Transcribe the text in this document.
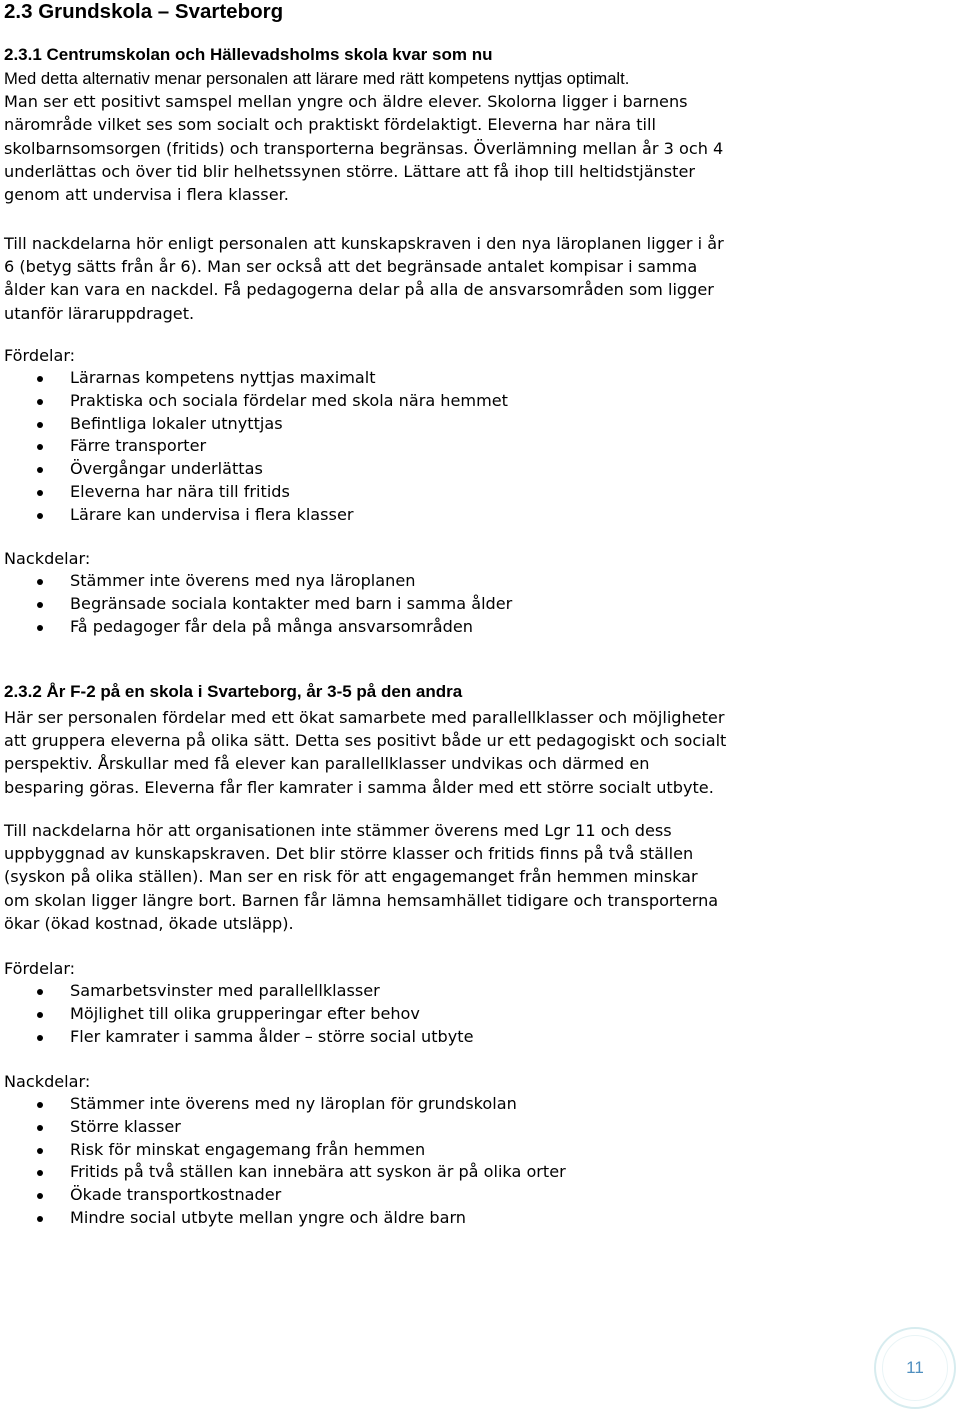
2.3 Grundskola – Svarteborg
2.3.1 Centrumskolan och Hällevadsholms skola kvar som nu

Med detta alternativ menar personalen att lärare med rätt kompetens nyttjas optimalt.
Man ser ett positivt samspel mellan yngre och äldre elever. Skolorna ligger i barnens
närområde vilket ses som socialt och praktiskt fördelaktigt. Eleverna har nära till
skolbarnsomsorgen (fritids) och transporterna begränsas. Överlämning mellan år 3 och 4
underlättas och över tid blir helhetssynen större. Lättare att få ihop till heltidstjänster
genom att undervisa i flera klasser.

Till nackdelarna hör enligt personalen att kunskapskraven i den nya läroplanen ligger i år
6 (betyg sätts från år 6). Man ser också att det begränsade antalet kompisar i samma
ålder kan vara en nackdel. Få pedagogerna delar på alla de ansvarsområden som ligger
utanför läraruppdraget.

Fördelar:
Lärarnas kompetens nyttjas maximalt
Praktiska och sociala fördelar med skola nära hemmet
Befintliga lokaler utnyttjas
Färre transporter
Övergångar underlättas
Eleverna har nära till fritids
Lärare kan undervisa i flera klasser
Nackdelar:
Stämmer inte överens med nya läroplanen
Begränsade sociala kontakter med barn i samma ålder
Få pedagoger får dela på många ansvarsområden
2.3.2 År F-2 på en skola i Svarteborg, år 3-5 på den andra

Här ser personalen fördelar med ett ökat samarbete med parallellklasser och möjligheter
att gruppera eleverna på olika sätt. Detta ses positivt både ur ett pedagogiskt och socialt
perspektiv. Årskullar med få elever kan parallellklasser undvikas och därmed en
besparing göras. Eleverna får fler kamrater i samma ålder med ett större socialt utbyte.

Till nackdelarna hör att organisationen inte stämmer överens med Lgr 11 och dess
uppbyggnad av kunskapskraven. Det blir större klasser och fritids finns på två ställen
(syskon på olika ställen). Man ser en risk för att engagemanget från hemmen minskar
om skolan ligger längre bort. Barnen får lämna hemsamhället tidigare och transporterna
ökar (ökad kostnad, ökade utsläpp).

Fördelar:
Samarbetsvinster med parallellklasser
Möjlighet till olika grupperingar efter behov
Fler kamrater i samma ålder – större social utbyte
Nackdelar:
Stämmer inte överens med ny läroplan för grundskolan
Större klasser
Risk för minskat engagemang från hemmen
Fritids på två ställen kan innebära att syskon är på olika orter
Ökade transportkostnader
Mindre social utbyte mellan yngre och äldre barn
11
